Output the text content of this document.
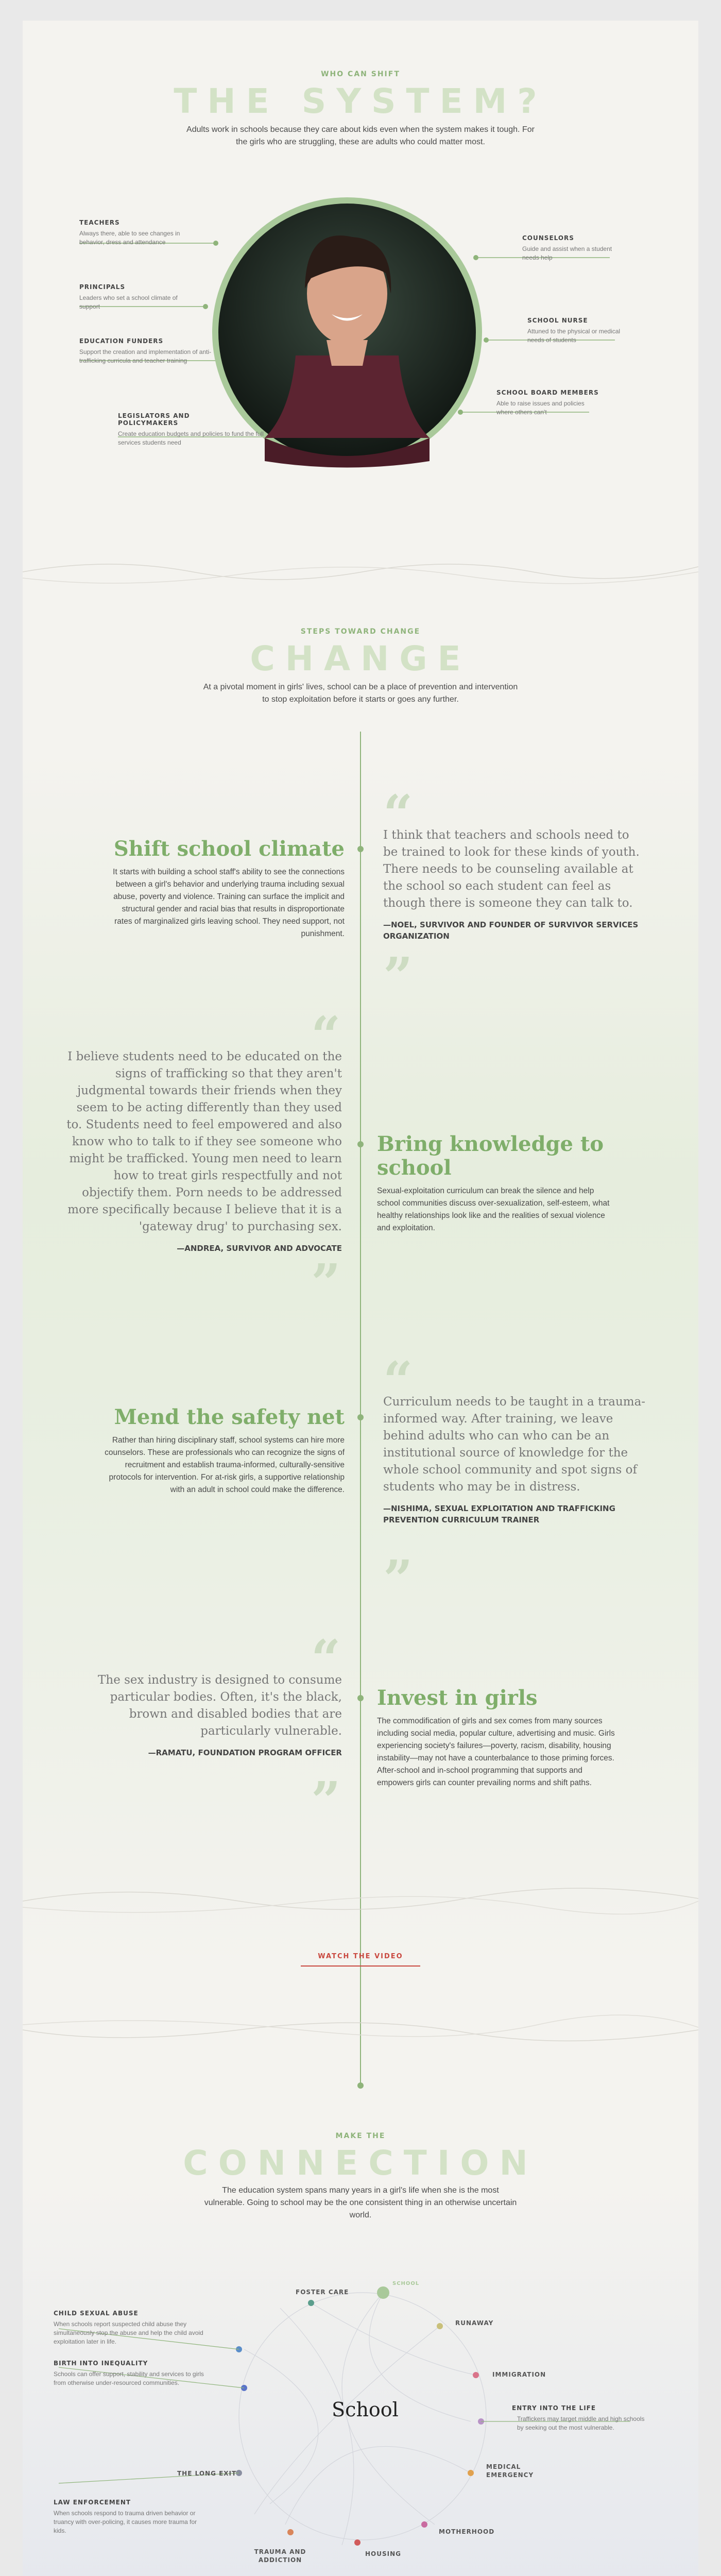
WHO CAN SHIFT
THE SYSTEM?
Adults work in schools because they care about kids even when the system makes it tough. For the girls who are struggling, these are adults who could matter most.
TEACHERS
Always there, able to see changes in behavior, dress and attendance
PRINCIPALS
Leaders who set a school climate of support
EDUCATION FUNDERS
Support the creation and implementation of anti-trafficking curricula and teacher training
LEGISLATORS AND POLICYMAKERS
Create education budgets and policies to fund the full services students need
COUNSELORS
Guide and assist when a student needs help
SCHOOL NURSE
Attuned to the physical or medical needs of students
SCHOOL BOARD MEMBERS
Able to raise issues and policies where others can't
STEPS TOWARD CHANGE
CHANGE
At a pivotal moment in girls' lives, school can be a place of prevention and intervention to stop exploitation before it starts or goes any further.
Shift school climate
It starts with building a school staff's ability to see the connections between a girl's behavior and underlying trauma including sexual abuse, poverty and violence. Training can surface the implicit and structural gender and racial bias that results in disproportionate rates of marginalized girls leaving school. They need support, not punishment.
“
I think that teachers and schools need to be trained to look for these kinds of youth. There needs to be counseling available at the school so each student can feel as though there is someone they can talk to.
—NOEL, SURVIVOR AND FOUNDER OF SURVIVOR SERVICES ORGANIZATION
”
“
I believe students need to be educated on the signs of trafficking so that they aren't judgmental towards their friends when they seem to be acting differently than they used to. Students need to feel empowered and also know who to talk to if they see someone who might be trafficked. Young men need to learn how to treat girls respectfully and not objectify them. Porn needs to be addressed more specifically because I believe that it is a 'gateway drug' to purchasing sex.
—ANDREA, SURVIVOR AND ADVOCATE
”
Bring knowledge to school
Sexual-exploitation curriculum can break the silence and help school communities discuss over-sexualization, self-esteem, what healthy relationships look like and the realities of sexual violence and exploitation.
Mend the safety net
Rather than hiring disciplinary staff, school systems can hire more counselors. These are professionals who can recognize the signs of recruitment and establish trauma-informed, culturally-sensitive protocols for intervention. For at-risk girls, a supportive relationship with an adult in school could make the difference.
“
Curriculum needs to be taught in a trauma-informed way. After training, we leave behind adults who can who can be an institutional source of knowledge for the whole school community and spot signs of students who may be in distress.
—NISHIMA, SEXUAL EXPLOITATION AND TRAFFICKING PREVENTION CURRICULUM TRAINER
”
“
The sex industry is designed to consume particular bodies. Often, it's the black, brown and disabled bodies that are particularly vulnerable.
—RAMATU, FOUNDATION PROGRAM OFFICER
”
Invest in girls
The commodification of girls and sex comes from many sources including social media, popular culture, advertising and music. Girls experiencing society's failures—poverty, racism, disability, housing instability—may not have a counterbalance to those priming forces. After-school and in-school programming that supports and empowers girls can counter prevailing norms and shift paths.
WATCH THE VIDEO
MAKE THE
CONNECTION
The education system spans many years in a girl's life when she is the most vulnerable. Going to school may be the one consistent thing in an otherwise uncertain world.
School
SCHOOL
FOSTER CARE
RUNAWAY
IMMIGRATION
ENTRY INTO THE LIFE
Traffickers may target middle and high schools by seeking out the most vulnerable.
MEDICAL EMERGENCY
MOTHERHOOD
HOUSING
TRAUMA AND ADDICTION
THE LONG EXIT
CHILD SEXUAL ABUSE
When schools report suspected child abuse they simultaneously stop the abuse and help the child avoid exploitation later in life.
BIRTH INTO INEQUALITY
Schools can offer support, stability and services to girls from otherwise under-resourced communities.
LAW ENFORCEMENT
When schools respond to trauma driven behavior or truancy with over-policing, it causes more trauma for kids.
